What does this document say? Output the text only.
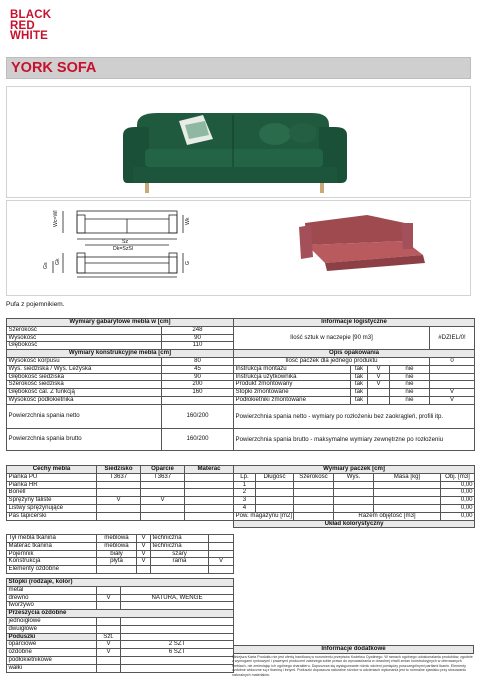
BLACK
RED
WHITE
YORK SOFA
Sz
Dk=SzSl
Wc=Wl	Wk
G
Gs
Gk
Pufa z pojemnikiem.
Wymiary gabarytowe mebla w [cm]	
Szerokość	248
Wysokość	90
Głębokość	110
Wymiary konstrukcyjne mebla [cm]	
Wysokość korpusu	80
Wys. siedziska / Wys. Leżyska	45
Głębokość siedziska	90
Szerokość siedziska	200
Głębokość cal. Z funkcją	160
Wysokość podłokietnika	
Powierzchnia spania netto	160/200
Powierzchnia spania brutto	160/200
Informacje logistyczne				
Ilość sztuk w naczepie [90 m3]				#DZIEL/0!
Opis opakowania				
Ilość paczek dla jednego produktu				0
Instrukcja montażu	tak	V	nie	
Instrukcja użytkownika	tak	V	nie	
Produkt zmontowany	tak	V	nie	
Stopki zmontowane	tak		nie	V
Podłokietniki zmontowane	tak		nie	V
Powierzchnia spania netto - wymiary po rozłożeniu bez zaokrągleń, profili itp.				
Powierzchnia spania brutto - maksymalne wymiary zewnętrzne po rozłożeniu				
Cechy mebla	Siedzisko	Oparcie	Materac
Pianka PU	T3637	T3637	
Pianka HR			
Bonell			
Sprężyny faliste	V	V	
Listwy sprężynujące			
Pas tapicerski			
Wymiary paczek [cm]					
Lp.	Długość	Szerokość	Wys.	Masa [kg]	Obj. [m3]
1					0,00
2					0,00
3					0,00
4					0,00
Pow. magazynu [m2]			Razem objętość [m3]		0,00
Układ kolorystyczny					
Tył mebla tkanina	meblowa	V	techniczna	
Materac tkanina	meblowa	V	techniczna	
Pojemnik	biały	V	szary	
Konstrukcja	płyta	V	rama	V
Elementy ozdobne				
Stopki (rodzaje, kolor)		
metal		
drewno	V	NATURA, WENGE
tworzywo		
Przeszycia ozdobne		
jednoigłowe		
dwuigłowe		
Poduszki	Szt.	
oparciowe	V	2 SZT
ozdobne	V	6 SZT
podłokietnikowe		
wałki		
Informacje dodatkowe
Niniejsza Karta Produktu nie jest ofertą handlową w rozumieniu przepisów Kodeksu Cywilnego. W ramach ogólnego udoskonalania produktów, zgodnie z wymogami rynkowymi i prawnymi producent zastrzega sobie prawo do wprowadzania w dowolnej chwili zmian konstrukcyjnych w oferowanych meblach, nie zmieniając ich ogólnego charakteru. Dopuszcza się występowanie różnic odcieni pomiędzy poszczególnymi partiami tkanin. Elementy ozdobne widoczne są z tkaniną i innymi. Poduszki dopuszcza naturalne różnice w odcieniach wykonania jest to normalne zjawisko przy stosowaniu naturalnych materiałów.
